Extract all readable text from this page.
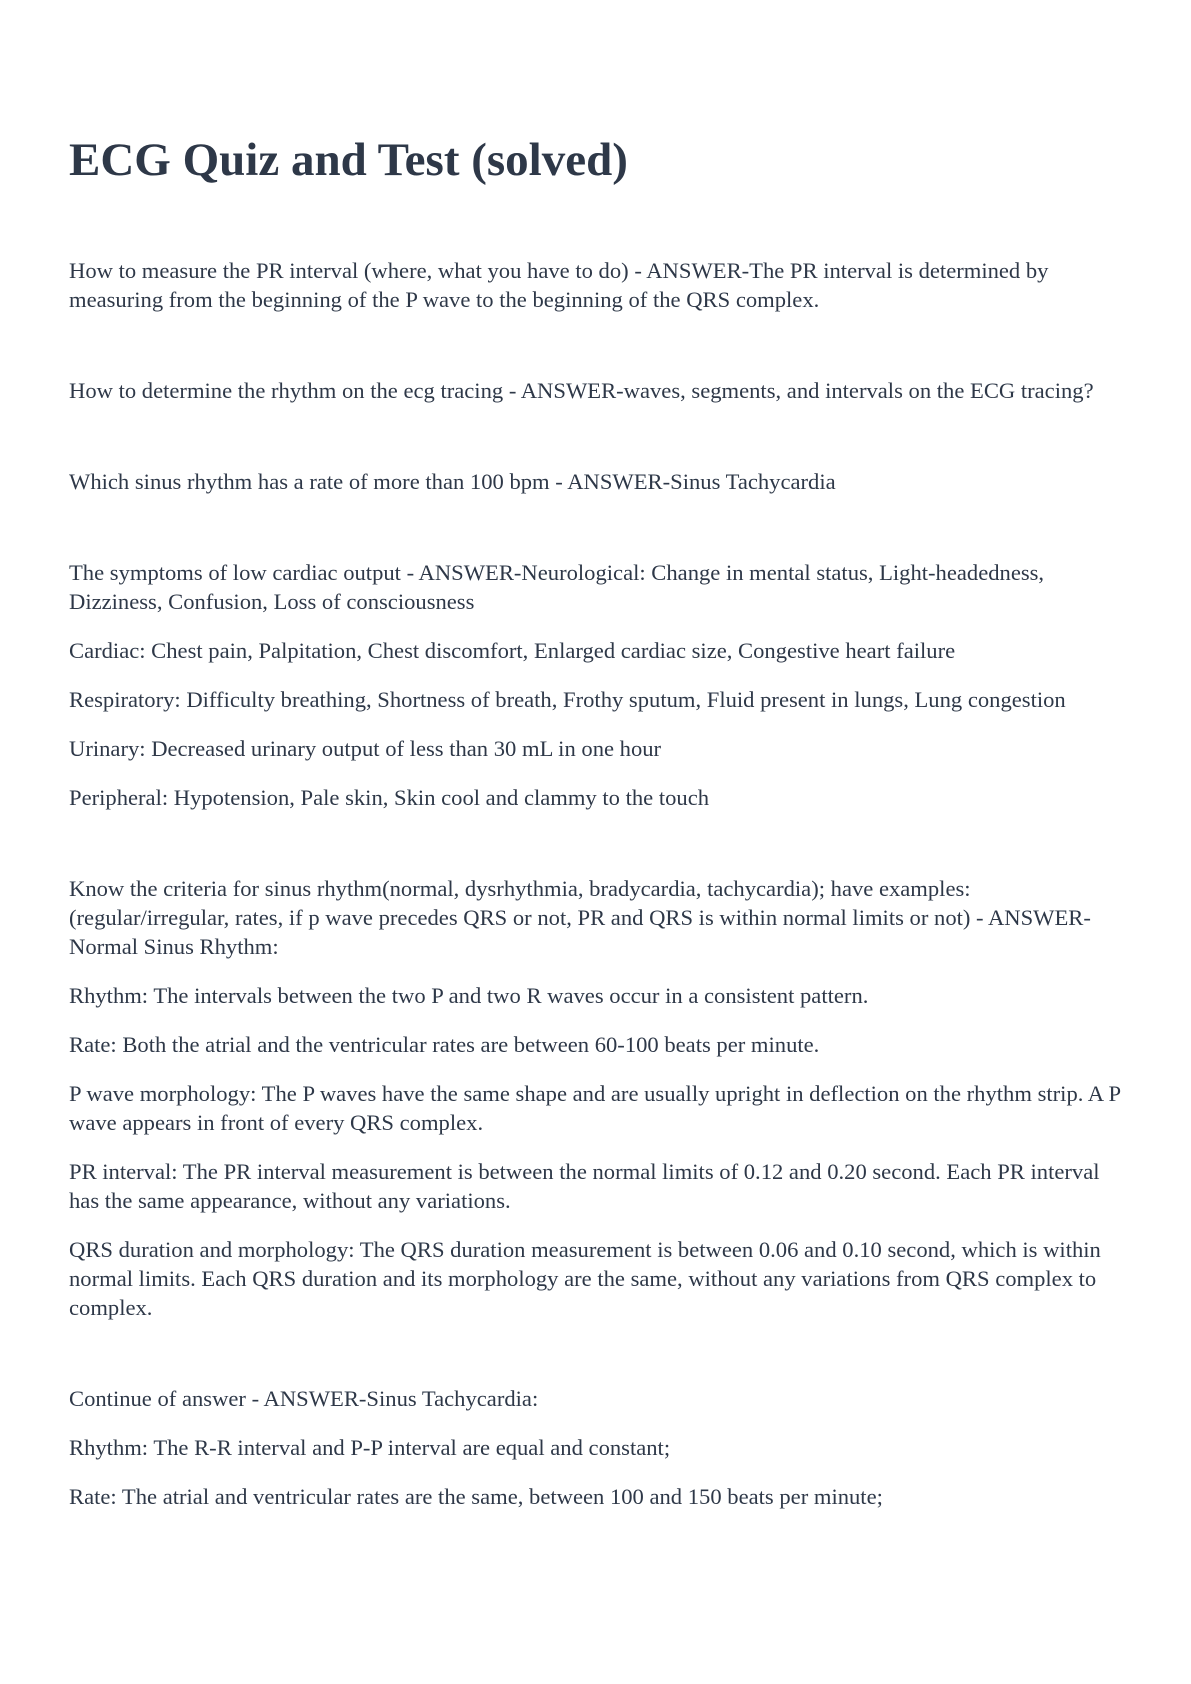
ECG Quiz and Test (solved)

How to measure the PR interval (where, what you have to do) - ANSWER-The PR interval is determined by measuring from the beginning of the P wave to the beginning of the QRS complex.

How to determine the rhythm on the ecg tracing - ANSWER-waves, segments, and intervals on the ECG tracing?

Which sinus rhythm has a rate of more than 100 bpm - ANSWER-Sinus Tachycardia

The symptoms of low cardiac output - ANSWER-Neurological: Change in mental status, Light-headedness, Dizziness, Confusion, Loss of consciousness

Cardiac: Chest pain, Palpitation, Chest discomfort, Enlarged cardiac size, Congestive heart failure

Respiratory: Difficulty breathing, Shortness of breath, Frothy sputum, Fluid present in lungs, Lung congestion

Urinary: Decreased urinary output of less than 30 mL in one hour

Peripheral: Hypotension, Pale skin, Skin cool and clammy to the touch

Know the criteria for sinus rhythm(normal, dysrhythmia, bradycardia, tachycardia); have examples: (regular/irregular, rates, if p wave precedes QRS or not, PR and QRS is within normal limits or not) - ANSWER-Normal Sinus Rhythm:

Rhythm: The intervals between the two P and two R waves occur in a consistent pattern.

Rate: Both the atrial and the ventricular rates are between 60-100 beats per minute.

P wave morphology: The P waves have the same shape and are usually upright in deflection on the rhythm strip. A P wave appears in front of every QRS complex.

PR interval: The PR interval measurement is between the normal limits of 0.12 and 0.20 second. Each PR interval has the same appearance, without any variations.

QRS duration and morphology: The QRS duration measurement is between 0.06 and 0.10 second, which is within normal limits. Each QRS duration and its morphology are the same, without any variations from QRS complex to complex.

Continue of answer - ANSWER-Sinus Tachycardia:

Rhythm: The R-R interval and P-P interval are equal and constant;

Rate: The atrial and ventricular rates are the same, between 100 and 150 beats per minute;
